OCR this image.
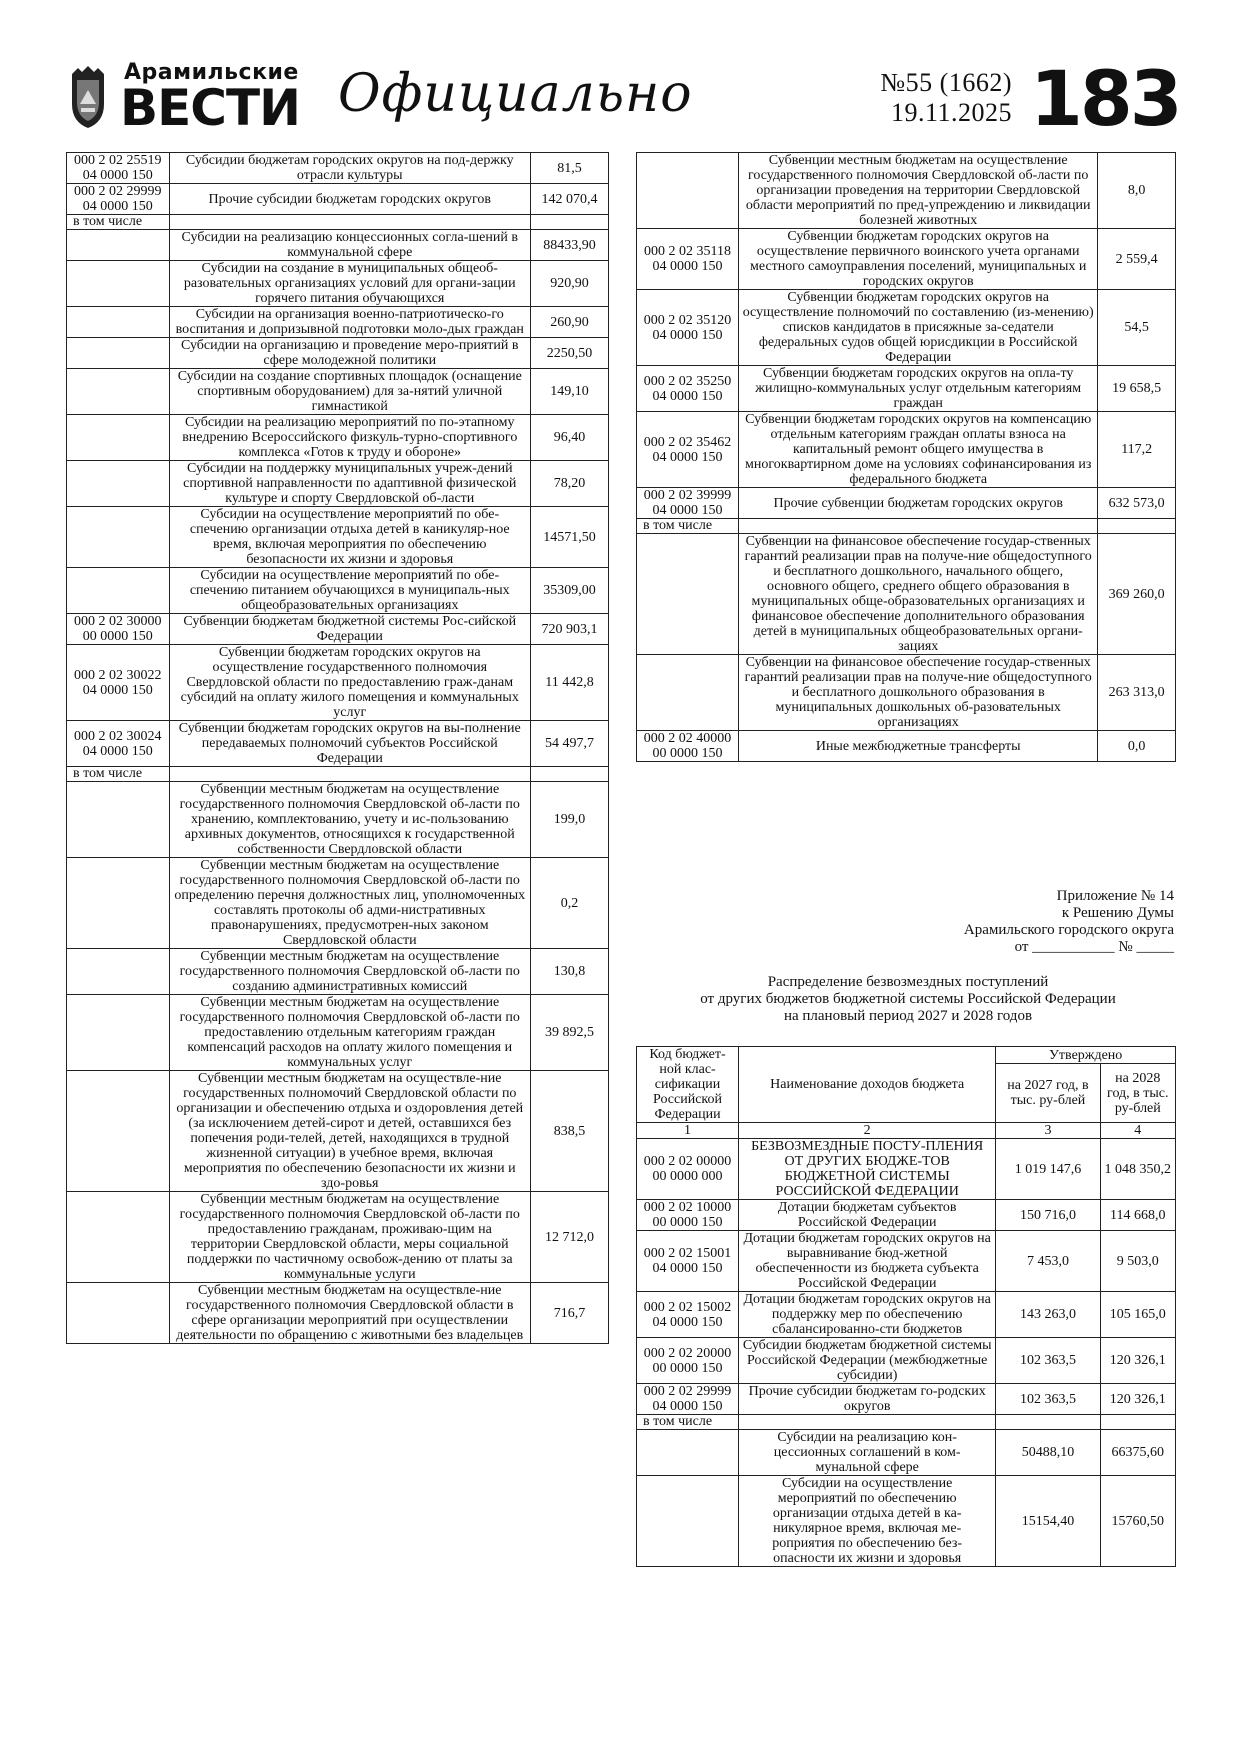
Арамильские
ВЕСТИ Официально	№55 (1662)
19.11.2025 183
000 2 02 25519 04 0000 150	Субсидии бюджетам городских округов на под-держку отрасли культуры	81,5
000 2 02 29999 04 0000 150	Прочие субсидии бюджетам городских округов	142 070,4
в том числе		
	Субсидии на реализацию концессионных согла-шений в коммунальной сфере	88433,90
	Субсидии на создание в муниципальных общеоб-разовательных организациях условий для органи-зации горячего питания обучающихся	920,90
	Субсидии на организация военно-патриотическо-го воспитания и допризывной подготовки моло-дых граждан	260,90
	Субсидии на организацию и проведение меро-приятий в сфере молодежной политики	2250,50
	Субсидии на создание спортивных площадок (оснащение спортивным оборудованием) для за-нятий уличной гимнастикой	149,10
	Субсидии на реализацию мероприятий по по-этапному внедрению Всероссийского физкуль-турно-спортивного комплекса «Готов к труду и обороне»	96,40
	Субсидии на поддержку муниципальных учреж-дений спортивной направленности по адаптивной физической культуре и спорту Свердловской об-ласти	78,20
	Субсидии на осуществление мероприятий по обе-спечению организации отдыха детей в каникуляр-ное время, включая мероприятия по обеспечению безопасности их жизни и здоровья	14571,50
	Субсидии на осуществление мероприятий по обе-спечению питанием обучающихся в муниципаль-ных общеобразовательных организациях	35309,00
000 2 02 30000 00 0000 150	Субвенции бюджетам бюджетной системы Рос-сийской Федерации	720 903,1
000 2 02 30022 04 0000 150	Субвенции бюджетам городских округов на осуществление государственного полномочия Свердловской области по предоставлению граж-данам субсидий на оплату жилого помещения и коммунальных услуг	11 442,8
000 2 02 30024 04 0000 150	Субвенции бюджетам городских округов на вы-полнение передаваемых полномочий субъектов Российской Федерации	54 497,7
в том числе		
	Субвенции местным бюджетам на осуществление государственного полномочия Свердловской об-ласти по хранению, комплектованию, учету и ис-пользованию архивных документов, относящихся к государственной собственности Свердловской области	199,0
	Субвенции местным бюджетам на осуществление государственного полномочия Свердловской об-ласти по определению перечня должностных лиц, уполномоченных составлять протоколы об адми-нистративных правонарушениях, предусмотрен-ных законом Свердловской области	0,2
	Субвенции местным бюджетам на осуществление государственного полномочия Свердловской об-ласти по созданию административных комиссий	130,8
	Субвенции местным бюджетам на осуществление государственного полномочия Свердловской об-ласти по предоставлению отдельным категориям граждан компенсаций расходов на оплату жилого помещения и коммунальных услуг	39 892,5
	Субвенции местным бюджетам на осуществле-ние государственных полномочий Свердловской области по организации и обеспечению отдыха и оздоровления детей (за исключением детей-сирот и детей, оставшихся без попечения роди-телей, детей, находящихся в трудной жизненной ситуации) в учебное время, включая мероприятия по обеспечению безопасности их жизни и здо-ровья	838,5
	Субвенции местным бюджетам на осуществление государственного полномочия Свердловской об-ласти по предоставлению гражданам, проживаю-щим на территории Свердловской области, меры социальной поддержки по частичному освобож-дению от платы за коммунальные услуги	12 712,0
	Субвенции местным бюджетам на осуществле-ние государственного полномочия Свердловской области в сфере организации мероприятий при осуществлении деятельности по обращению с животными без владельцев	716,7
	Субвенции местным бюджетам на осуществление государственного полномочия Свердловской об-ласти по организации проведения на территории Свердловской области мероприятий по пред-упреждению и ликвидации болезней животных	8,0
000 2 02 35118 04 0000 150	Субвенции бюджетам городских округов на осуществление первичного воинского учета органами местного самоуправления поселений, муниципальных и городских округов	2 559,4
000 2 02 35120 04 0000 150	Субвенции бюджетам городских округов на осуществление полномочий по составлению (из-менению) списков кандидатов в присяжные за-седатели федеральных судов общей юрисдикции в Российской Федерации	54,5
000 2 02 35250 04 0000 150	Субвенции бюджетам городских округов на опла-ту жилищно-коммунальных услуг отдельным категориям граждан	19 658,5
000 2 02 35462 04 0000 150	Субвенции бюджетам городских округов на компенсацию отдельным категориям граждан оплаты взноса на капитальный ремонт общего имущества в многоквартирном доме на условиях софинансирования из федерального бюджета	117,2
000 2 02 39999 04 0000 150	Прочие субвенции бюджетам городских округов	632 573,0
в том числе		
	Субвенции на финансовое обеспечение государ-ственных гарантий реализации прав на получе-ние общедоступного и бесплатного дошкольного, начального общего, основного общего, среднего общего образования в муниципальных обще-образовательных организациях и финансовое обеспечение дополнительного образования детей в муниципальных общеобразовательных органи-зациях	369 260,0
	Субвенции на финансовое обеспечение государ-ственных гарантий реализации прав на получе-ние общедоступного и бесплатного дошкольного образования в муниципальных дошкольных об-разовательных организациях	263 313,0
000 2 02 40000 00 0000 150	Иные межбюджетные трансферты	0,0
Приложение № 14
к Решению Думы
Арамильского городского округа
от ___________ № _____
Распределение безвозмездных поступлений
от других бюджетов бюджетной системы Российской Федерации
на плановый период 2027 и 2028 годов
Код бюджет-ной клас-сификации Российской Федерации	Наименование доходов бюджета	Утверждено	
		на 2027 год, в тыс. ру-блей	на 2028 год, в тыс. ру-блей
1	2	3	4
000 2 02 00000 00 0000 000	БЕЗВОЗМЕЗДНЫЕ ПОСТУ-ПЛЕНИЯ ОТ ДРУГИХ БЮДЖЕ-ТОВ БЮДЖЕТНОЙ СИСТЕМЫ РОССИЙСКОЙ ФЕДЕРАЦИИ	1 019 147,6	1 048 350,2
000 2 02 10000 00 0000 150	Дотации бюджетам субъектов Российской Федерации	150 716,0	114 668,0
000 2 02 15001 04 0000 150	Дотации бюджетам городских округов на выравнивание бюд-жетной обеспеченности из бюджета субъекта Российской Федерации	7 453,0	9 503,0
000 2 02 15002 04 0000 150	Дотации бюджетам городских округов на поддержку мер по обеспечению сбалансированно-сти бюджетов	143 263,0	105 165,0
000 2 02 20000 00 0000 150	Субсидии бюджетам бюджетной системы Российской Федерации (межбюджетные субсидии)	102 363,5	120 326,1
000 2 02 29999 04 0000 150	Прочие субсидии бюджетам го-родских округов	102 363,5	120 326,1
в том числе			
	Субсидии на реализацию кон-цессионных соглашений в ком-мунальной сфере	50488,10	66375,60
	Субсидии на осуществление мероприятий по обеспечению организации отдыха детей в ка-никулярное время, включая ме-роприятия по обеспечению без-опасности их жизни и здоровья	15154,40	15760,50
